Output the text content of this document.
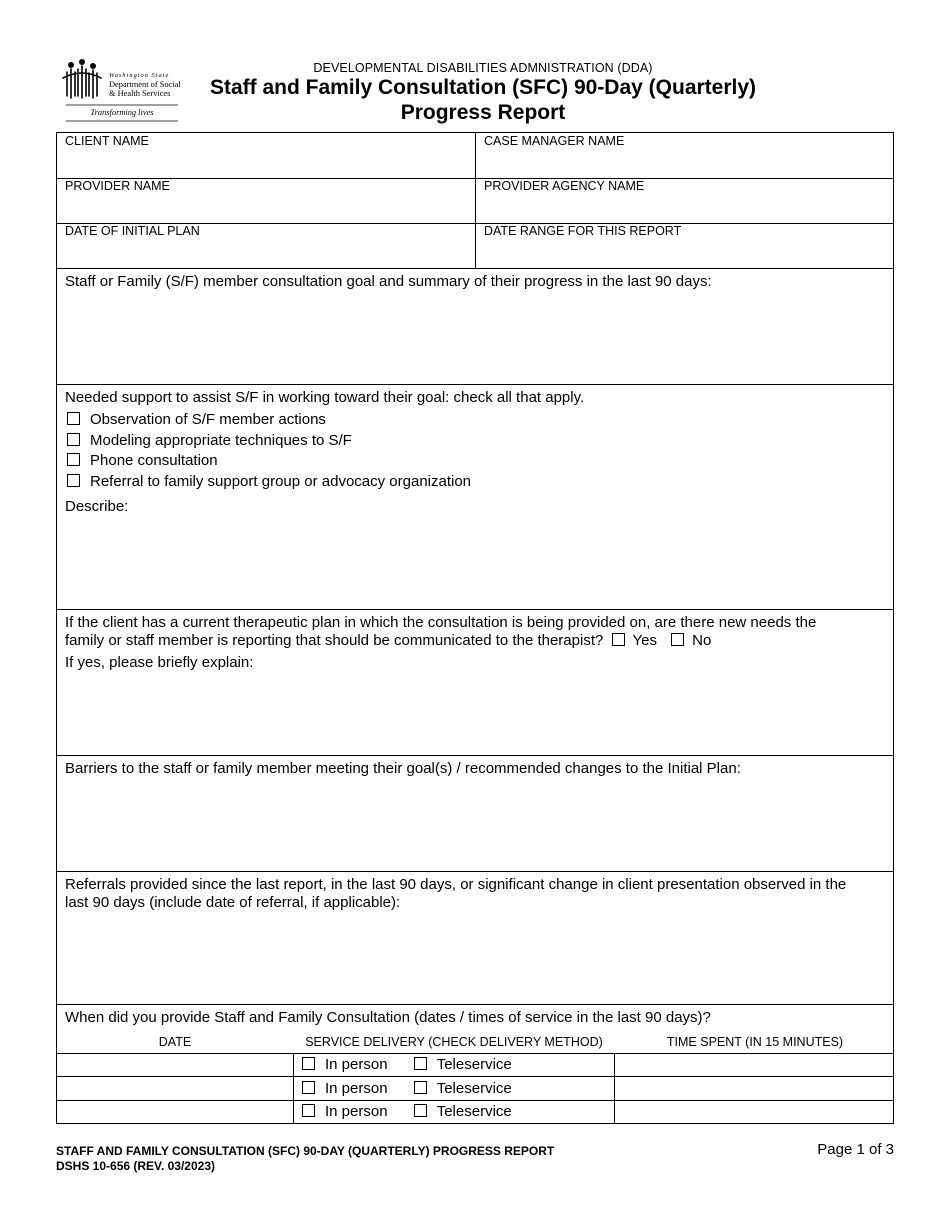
Washington State
Department of Social
& Health Services
Transforming lives
DEVELOPMENTAL DISABILITIES ADMNISTRATION (DDA)
Staff and Family Consultation (SFC) 90-Day (Quarterly)
Progress Report
CLIENT NAME	CASE MANAGER NAME
PROVIDER NAME	PROVIDER AGENCY NAME
DATE OF INITIAL PLAN	DATE RANGE FOR THIS REPORT
Staff or Family (S/F) member consultation goal and summary of their progress in the last 90 days:
Needed support to assist S/F in working toward their goal: check all that apply.
Observation of S/F member actions
Modeling appropriate techniques to S/F
Phone consultation
Referral to family support group or advocacy organization
Describe:
If the client has a current therapeutic plan in which the consultation is being provided on, are there new needs the
family or staff member is reporting that should be communicated to the therapist? Yes No
If yes, please briefly explain:
Barriers to the staff or family member meeting their goal(s) / recommended changes to the Initial Plan:
Referrals provided since the last report, in the last 90 days, or significant change in client presentation observed in the
last 90 days (include date of referral, if applicable):
When did you provide Staff and Family Consultation (dates / times of service in the last 90 days)?
DATE	SERVICE DELIVERY (CHECK DELIVERY METHOD)	TIME SPENT (IN 15 MINUTES)
In person	Teleservice
In person	Teleservice
In person	Teleservice
STAFF AND FAMILY CONSULTATION (SFC) 90-DAY (QUARTERLY) PROGRESS REPORT
DSHS 10-656 (REV. 03/2023)
Page 1 of 3
